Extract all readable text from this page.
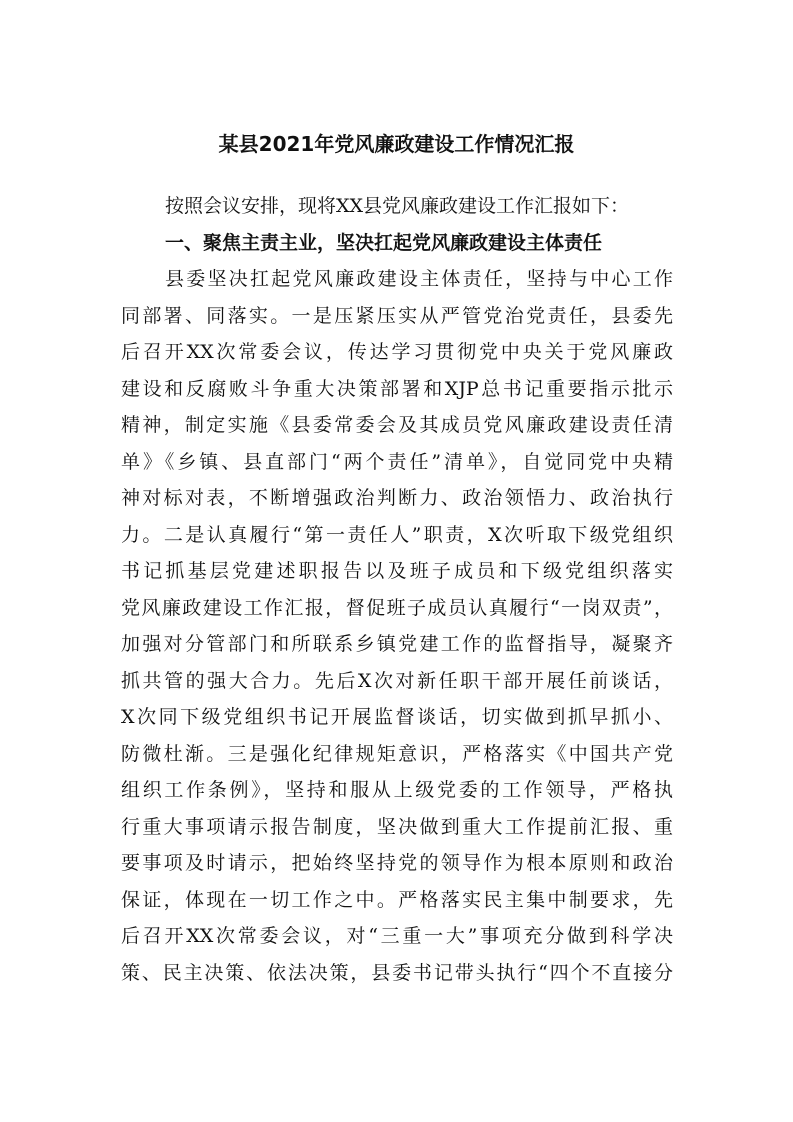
某县2021年党风廉政建设工作情况汇报
按照会议安排，现将XX县党风廉政建设工作汇报如下：
一、聚焦主责主业，坚决扛起党风廉政建设主体责任
县委坚决扛起党风廉政建设主体责任，坚持与中心工作
同部署、同落实。一是压紧压实从严管党治党责任，县委先
后召开XX次常委会议，传达学习贯彻党中央关于党风廉政
建设和反腐败斗争重大决策部署和XJP总书记重要指示批示
精神，制定实施《县委常委会及其成员党风廉政建设责任清
单》《乡镇、县直部门“两个责任”清单》，自觉同党中央精
神对标对表，不断增强政治判断力、政治领悟力、政治执行
力。二是认真履行“第一责任人”职责，X次听取下级党组织
书记抓基层党建述职报告以及班子成员和下级党组织落实
党风廉政建设工作汇报，督促班子成员认真履行“一岗双责”，
加强对分管部门和所联系乡镇党建工作的监督指导，凝聚齐
抓共管的强大合力。先后X次对新任职干部开展任前谈话，
X次同下级党组织书记开展监督谈话，切实做到抓早抓小、
防微杜渐。三是强化纪律规矩意识，严格落实《中国共产党
组织工作条例》，坚持和服从上级党委的工作领导，严格执
行重大事项请示报告制度，坚决做到重大工作提前汇报、重
要事项及时请示，把始终坚持党的领导作为根本原则和政治
保证，体现在一切工作之中。严格落实民主集中制要求，先
后召开XX次常委会议，对“三重一大”事项充分做到科学决
策、民主决策、依法决策，县委书记带头执行“四个不直接分
